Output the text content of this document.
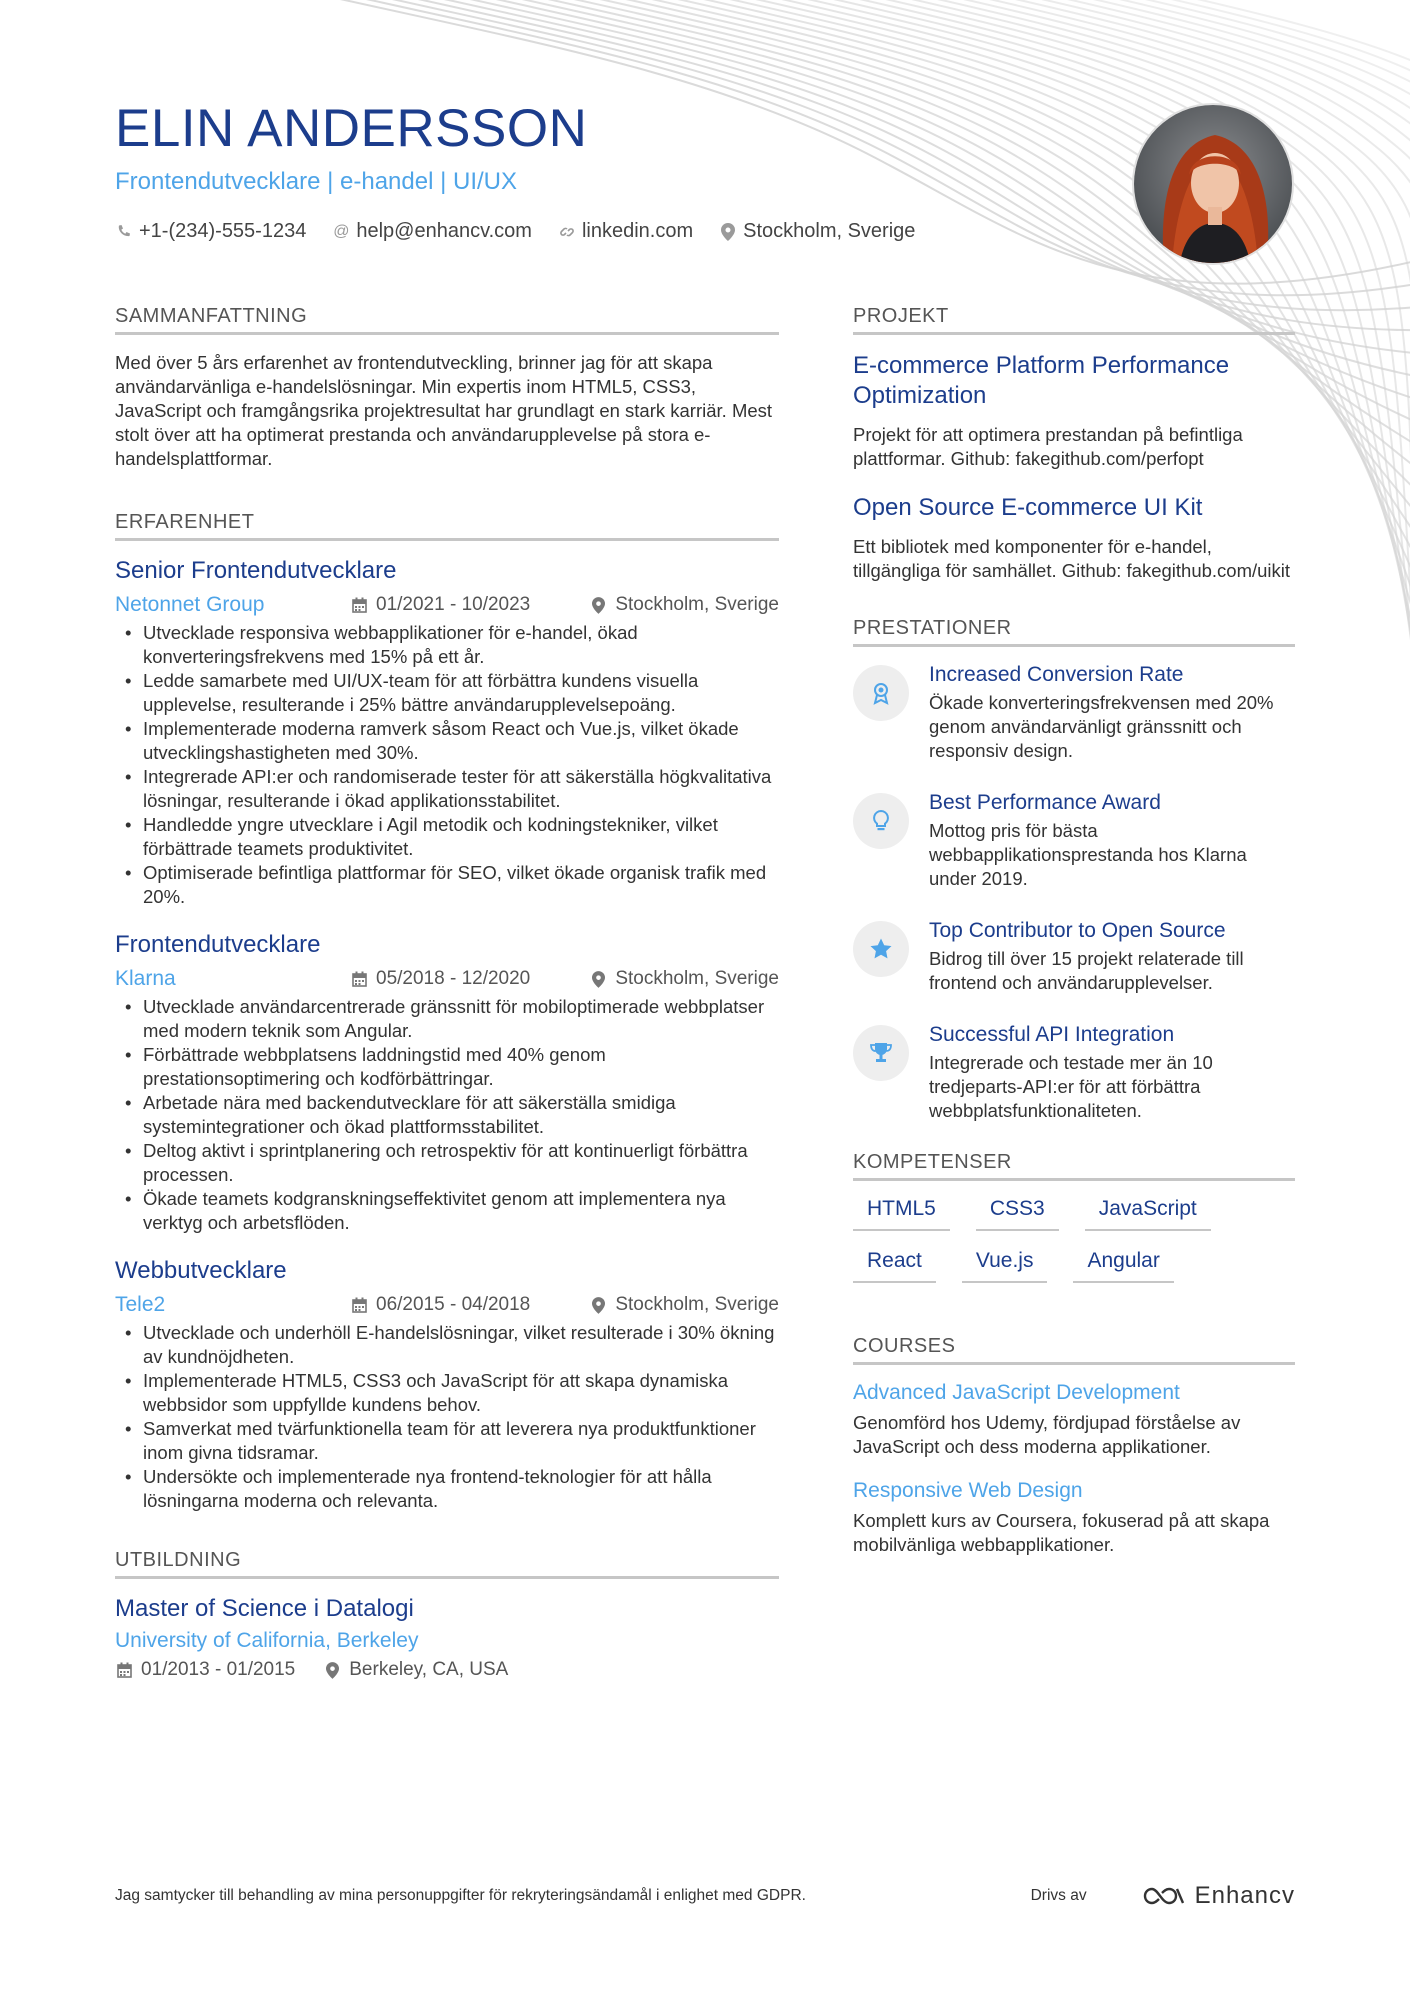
ELIN ANDERSSON
Frontendutvecklare | e-handel | UI/UX
+1-(234)-555-1234 @ help@enhancv.com	linkedin.com	Stockholm, Sverige
SAMMANFATTNING

Med över 5 års erfarenhet av frontendutveckling, brinner jag för att skapa användarvänliga e-handelslösningar. Min expertis inom HTML5, CSS3, JavaScript och framgångsrika projektresultat har grundlagt en stark karriär. Mest stolt över att ha optimerat prestanda och användarupplevelse på stora e-handelsplattformar.

ERFARENHET
Senior Frontendutvecklare
Netonnet Group	01/2021 - 10/2023	Stockholm, Sverige
• Utvecklade responsiva webbapplikationer för e-handel, ökad konverteringsfrekvens med 15% på ett år.
• Ledde samarbete med UI/UX-team för att förbättra kundens visuella upplevelse, resulterande i 25% bättre användarupplevelsepoäng.
• Implementerade moderna ramverk såsom React och Vue.js, vilket ökade utvecklingshastigheten med 30%.
• Integrerade API:er och randomiserade tester för att säkerställa högkvalitativa lösningar, resulterande i ökad applikationsstabilitet.
• Handledde yngre utvecklare i Agil metodik och kodningstekniker, vilket förbättrade teamets produktivitet.
• Optimiserade befintliga plattformar för SEO, vilket ökade organisk trafik med 20%.
Frontendutvecklare
Klarna	05/2018 - 12/2020	Stockholm, Sverige
• Utvecklade användarcentrerade gränssnitt för mobiloptimerade webbplatser med modern teknik som Angular.
• Förbättrade webbplatsens laddningstid med 40% genom prestationsoptimering och kodförbättringar.
• Arbetade nära med backendutvecklare för att säkerställa smidiga systemintegrationer och ökad plattformsstabilitet.
• Deltog aktivt i sprintplanering och retrospektiv för att kontinuerligt förbättra processen.
• Ökade teamets kodgranskningseffektivitet genom att implementera nya verktyg och arbetsflöden.
Webbutvecklare
Tele2	06/2015 - 04/2018	Stockholm, Sverige
• Utvecklade och underhöll E-handelslösningar, vilket resulterade i 30% ökning av kundnöjdheten.
• Implementerade HTML5, CSS3 och JavaScript för att skapa dynamiska webbsidor som uppfyllde kundens behov.
• Samverkat med tvärfunktionella team för att leverera nya produktfunktioner inom givna tidsramar.
• Undersökte och implementerade nya frontend-teknologier för att hålla lösningarna moderna och relevanta.
UTBILDNING
Master of Science i Datalogi
University of California, Berkeley
01/2013 - 01/2015	Berkeley, CA, USA
PROJEKT
E-commerce Platform Performance Optimization

Projekt för att optimera prestandan på befintliga plattformar. Github: fakegithub.com/perfopt

Open Source E-commerce UI Kit

Ett bibliotek med komponenter för e-handel, tillgängliga för samhället. Github: fakegithub.com/uikit

PRESTATIONER
Increased Conversion Rate

Ökade konverteringsfrekvensen med 20% genom användarvänligt gränssnitt och responsiv design.

Best Performance Award

Mottog pris för bästa webbapplikationsprestanda hos Klarna under 2019.

Top Contributor to Open Source

Bidrog till över 15 projekt relaterade till frontend och användarupplevelser.

Successful API Integration

Integrerade och testade mer än 10 tredjeparts-API:er för att förbättra webbplatsfunktionaliteten.

KOMPETENSER
HTML5	CSS3	JavaScript
React	Vue.js	Angular
COURSES
Advanced JavaScript Development

Genomförd hos Udemy, fördjupad förståelse av JavaScript och dess moderna applikationer.

Responsive Web Design

Komplett kurs av Coursera, fokuserad på att skapa mobilvänliga webbapplikationer.

Jag samtycker till behandling av mina personuppgifter för rekryteringsändamål i enlighet med GDPR.	Drivs av	Enhancv
